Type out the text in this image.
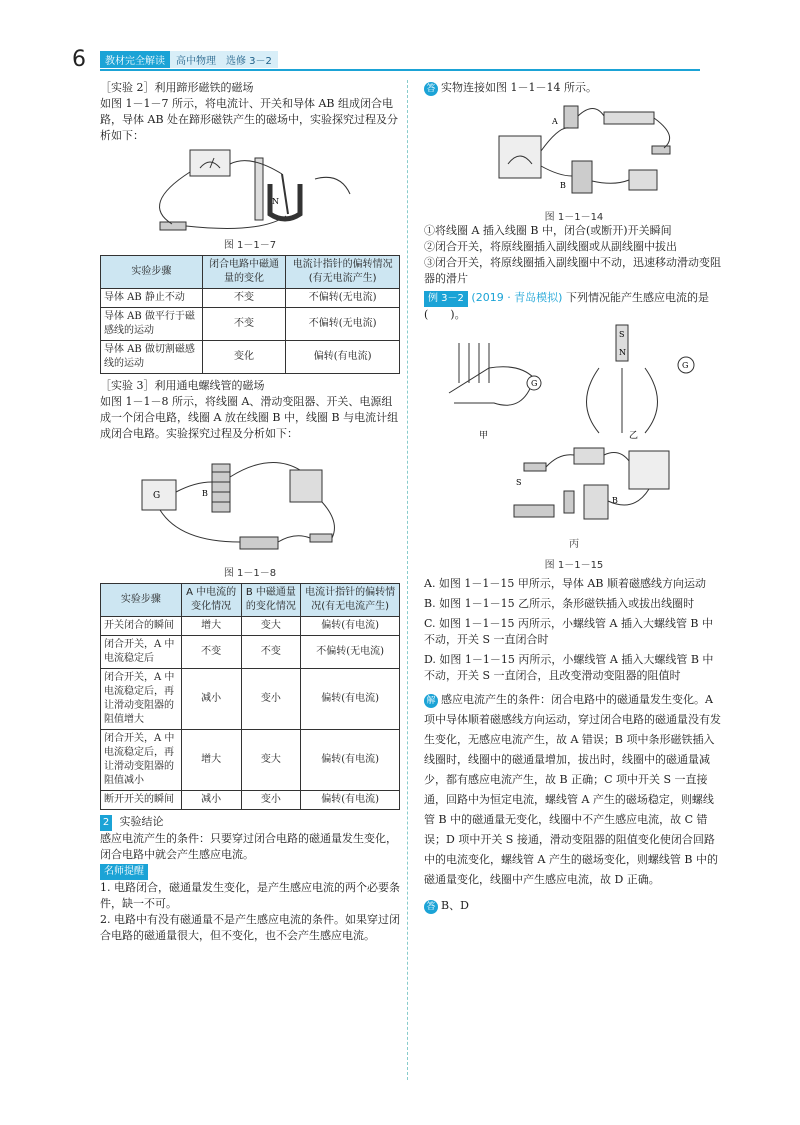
6	教材完全解读	高中物理　选修 3－2

［实验 2］利用蹄形磁铁的磁场

如图 1－1－7 所示，将电流计、开关和导体 AB 组成闭合电路，导体 AB 处在蹄形磁铁产生的磁场中，实验探究过程及分析如下：

N
图 1－1－7
实验步骤	闭合电路中磁通量的变化	电流计指针的偏转情况(有无电流产生)
导体 AB 静止不动	不变	不偏转(无电流)
导体 AB 做平行于磁感线的运动	不变	不偏转(无电流)
导体 AB 做切割磁感线的运动	变化	偏转(有电流)

［实验 3］利用通电螺线管的磁场

如图 1－1－8 所示，将线圈 A、滑动变阻器、开关、电源组成一个闭合电路，线圈 A 放在线圈 B 中，线圈 B 与电流计组成闭合电路。实验探究过程及分析如下：

G	B
图 1－1－8
实验步骤	A 中电流的变化情况	B 中磁通量的变化情况	电流计指针的偏转情况(有无电流产生)
开关闭合的瞬间	增大	变大	偏转(有电流)
闭合开关，A 中电流稳定后	不变	不变	不偏转(无电流)
闭合开关，A 中电流稳定后，再让滑动变阻器的阻值增大	减小	变小	偏转(有电流)
闭合开关，A 中电流稳定后，再让滑动变阻器的阻值减小	增大	变大	偏转(有电流)
断开开关的瞬间	减小	变小	偏转(有电流)

2 实验结论

感应电流产生的条件：只要穿过闭合电路的磁通量发生变化，闭合电路中就会产生感应电流。

名师提醒

1. 电路闭合，磁通量发生变化，是产生感应电流的两个必要条件，缺一不可。

2. 电路中有没有磁通量不是产生感应电流的条件。如果穿过闭合电路的磁通量很大，但不变化，也不会产生感应电流。

答 实物连接如图 1－1－14 所示。

A
B
图 1－1－14

①将线圈 A 插入线圈 B 中，闭合(或断开)开关瞬间

②闭合开关，将原线圈插入副线圈或从副线圈中拔出

③闭合开关，将原线圈插入副线圈中不动，迅速移动滑动变阻器的滑片

例 3－2 (2019 · 青岛模拟) 下列情况能产生感应电流的是(　　)。

G
甲
S
N
G
乙
S
B
丙
图 1－1－15

A. 如图 1－1－15 甲所示，导体 AB 顺着磁感线方向运动

B. 如图 1－1－15 乙所示，条形磁铁插入或拔出线圈时

C. 如图 1－1－15 丙所示，小螺线管 A 插入大螺线管 B 中不动，开关 S 一直闭合时

D. 如图 1－1－15 丙所示，小螺线管 A 插入大螺线管 B 中不动，开关 S 一直闭合，且改变滑动变阻器的阻值时

解 感应电流产生的条件：闭合电路中的磁通量发生变化。A 项中导体顺着磁感线方向运动，穿过闭合电路的磁通量没有发生变化，无感应电流产生，故 A 错误；B 项中条形磁铁插入线圈时，线圈中的磁通量增加，拔出时，线圈中的磁通量减少，都有感应电流产生，故 B 正确；C 项中开关 S 一直接通，回路中为恒定电流，螺线管 A 产生的磁场稳定，则螺线管 B 中的磁通量无变化，线圈中不产生感应电流，故 C 错误；D 项中开关 S 接通，滑动变阻器的阻值变化使闭合回路中的电流变化，螺线管 A 产生的磁场变化，则螺线管 B 中的磁通量变化，线圈中产生感应电流，故 D 正确。

答 B、D
